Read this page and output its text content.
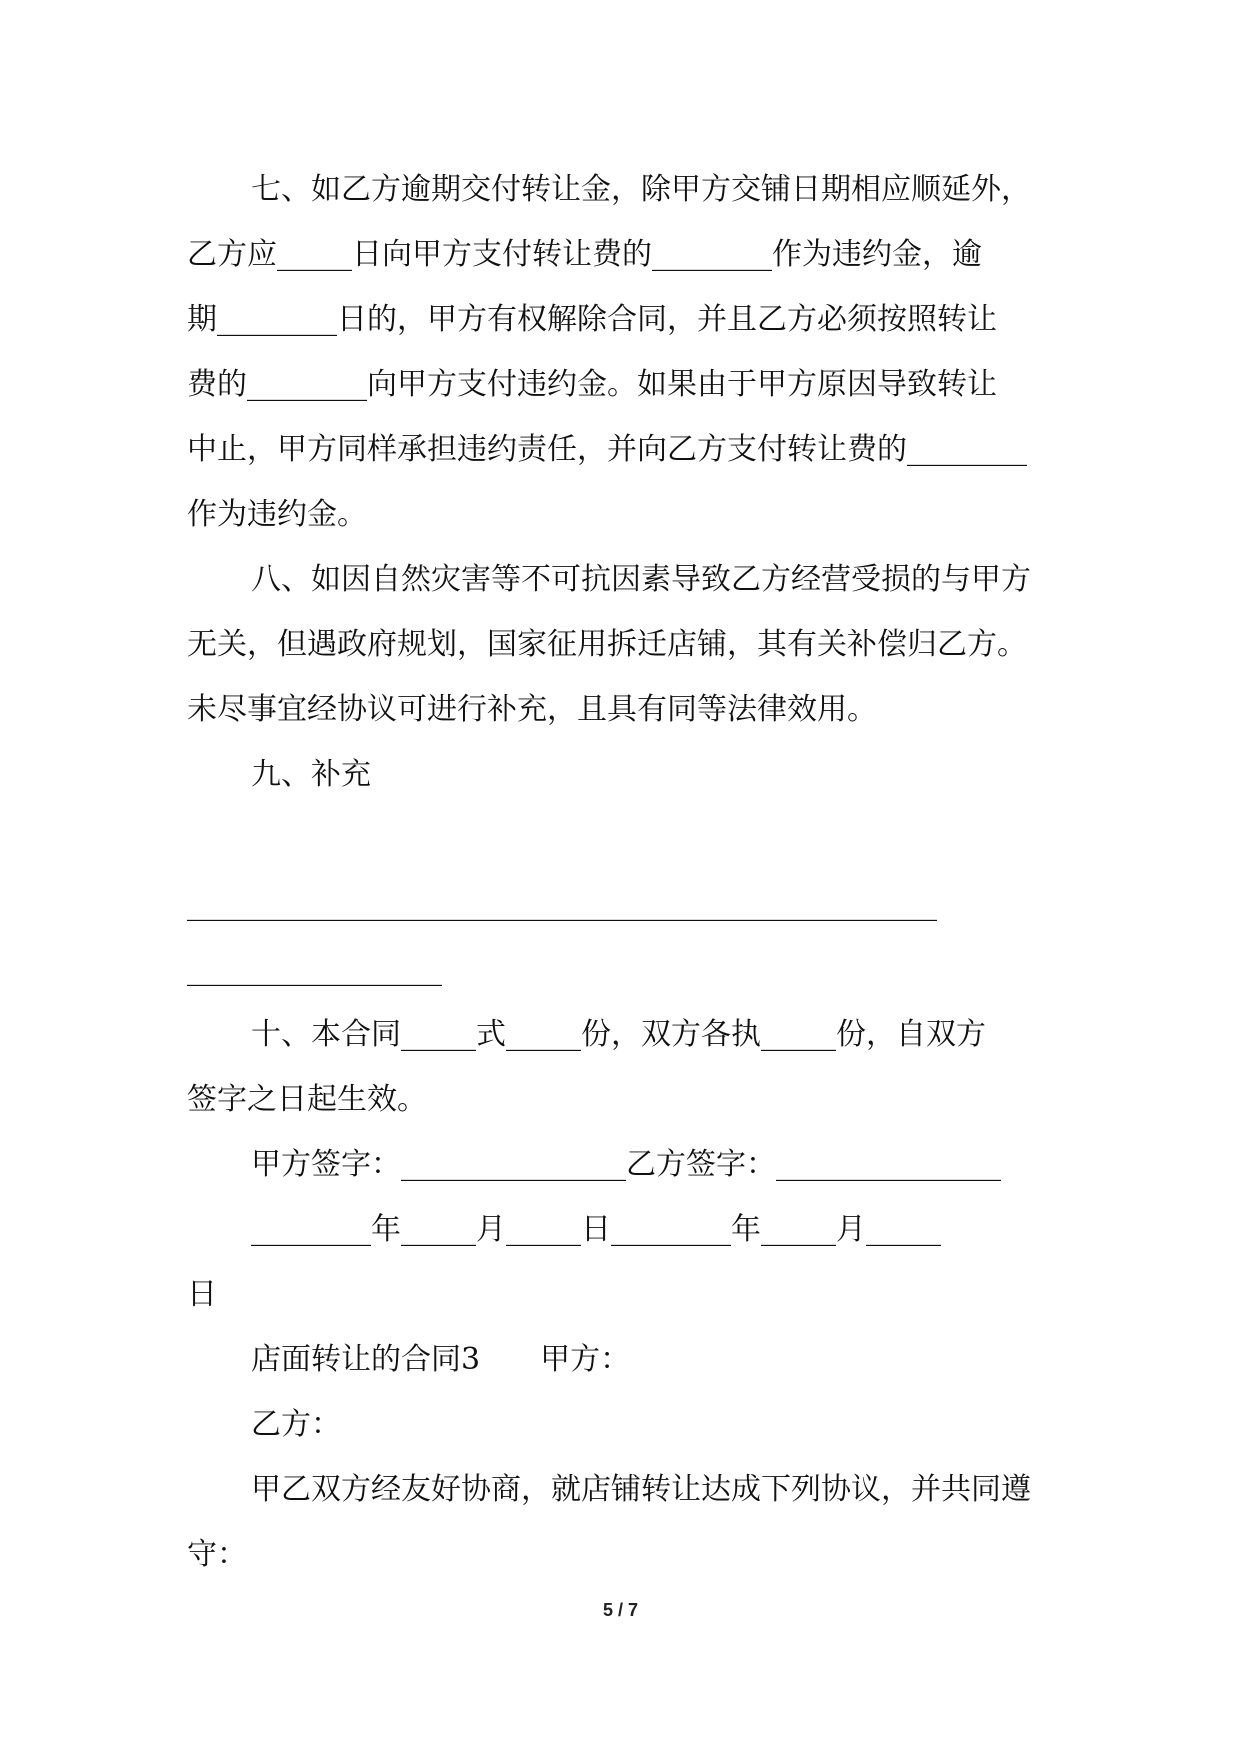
七、如乙方逾期交付转让金，除甲方交铺日期相应顺延外，

乙方应_____日向甲方支付转让费的________作为违约金，逾

期________日的，甲方有权解除合同，并且乙方必须按照转让

费的________向甲方支付违约金。如果由于甲方原因导致转让

中止，甲方同样承担违约责任，并向乙方支付转让费的________

作为违约金。

八、如因自然灾害等不可抗因素导致乙方经营受损的与甲方

无关，但遇政府规划，国家征用拆迁店铺，其有关补偿归乙方。

未尽事宜经协议可进行补充，且具有同等法律效用。

九、补充

__________________________________________________

_________________

十、本合同_____式_____份，双方各执_____份，自双方

签字之日起生效。

甲方签字：_______________乙方签字：_______________

________年_____月_____日________年_____月_____

日

店面转让的合同3　　甲方：

乙方：

甲乙双方经友好协商，就店铺转让达成下列协议，并共同遵

守：

5 / 7
